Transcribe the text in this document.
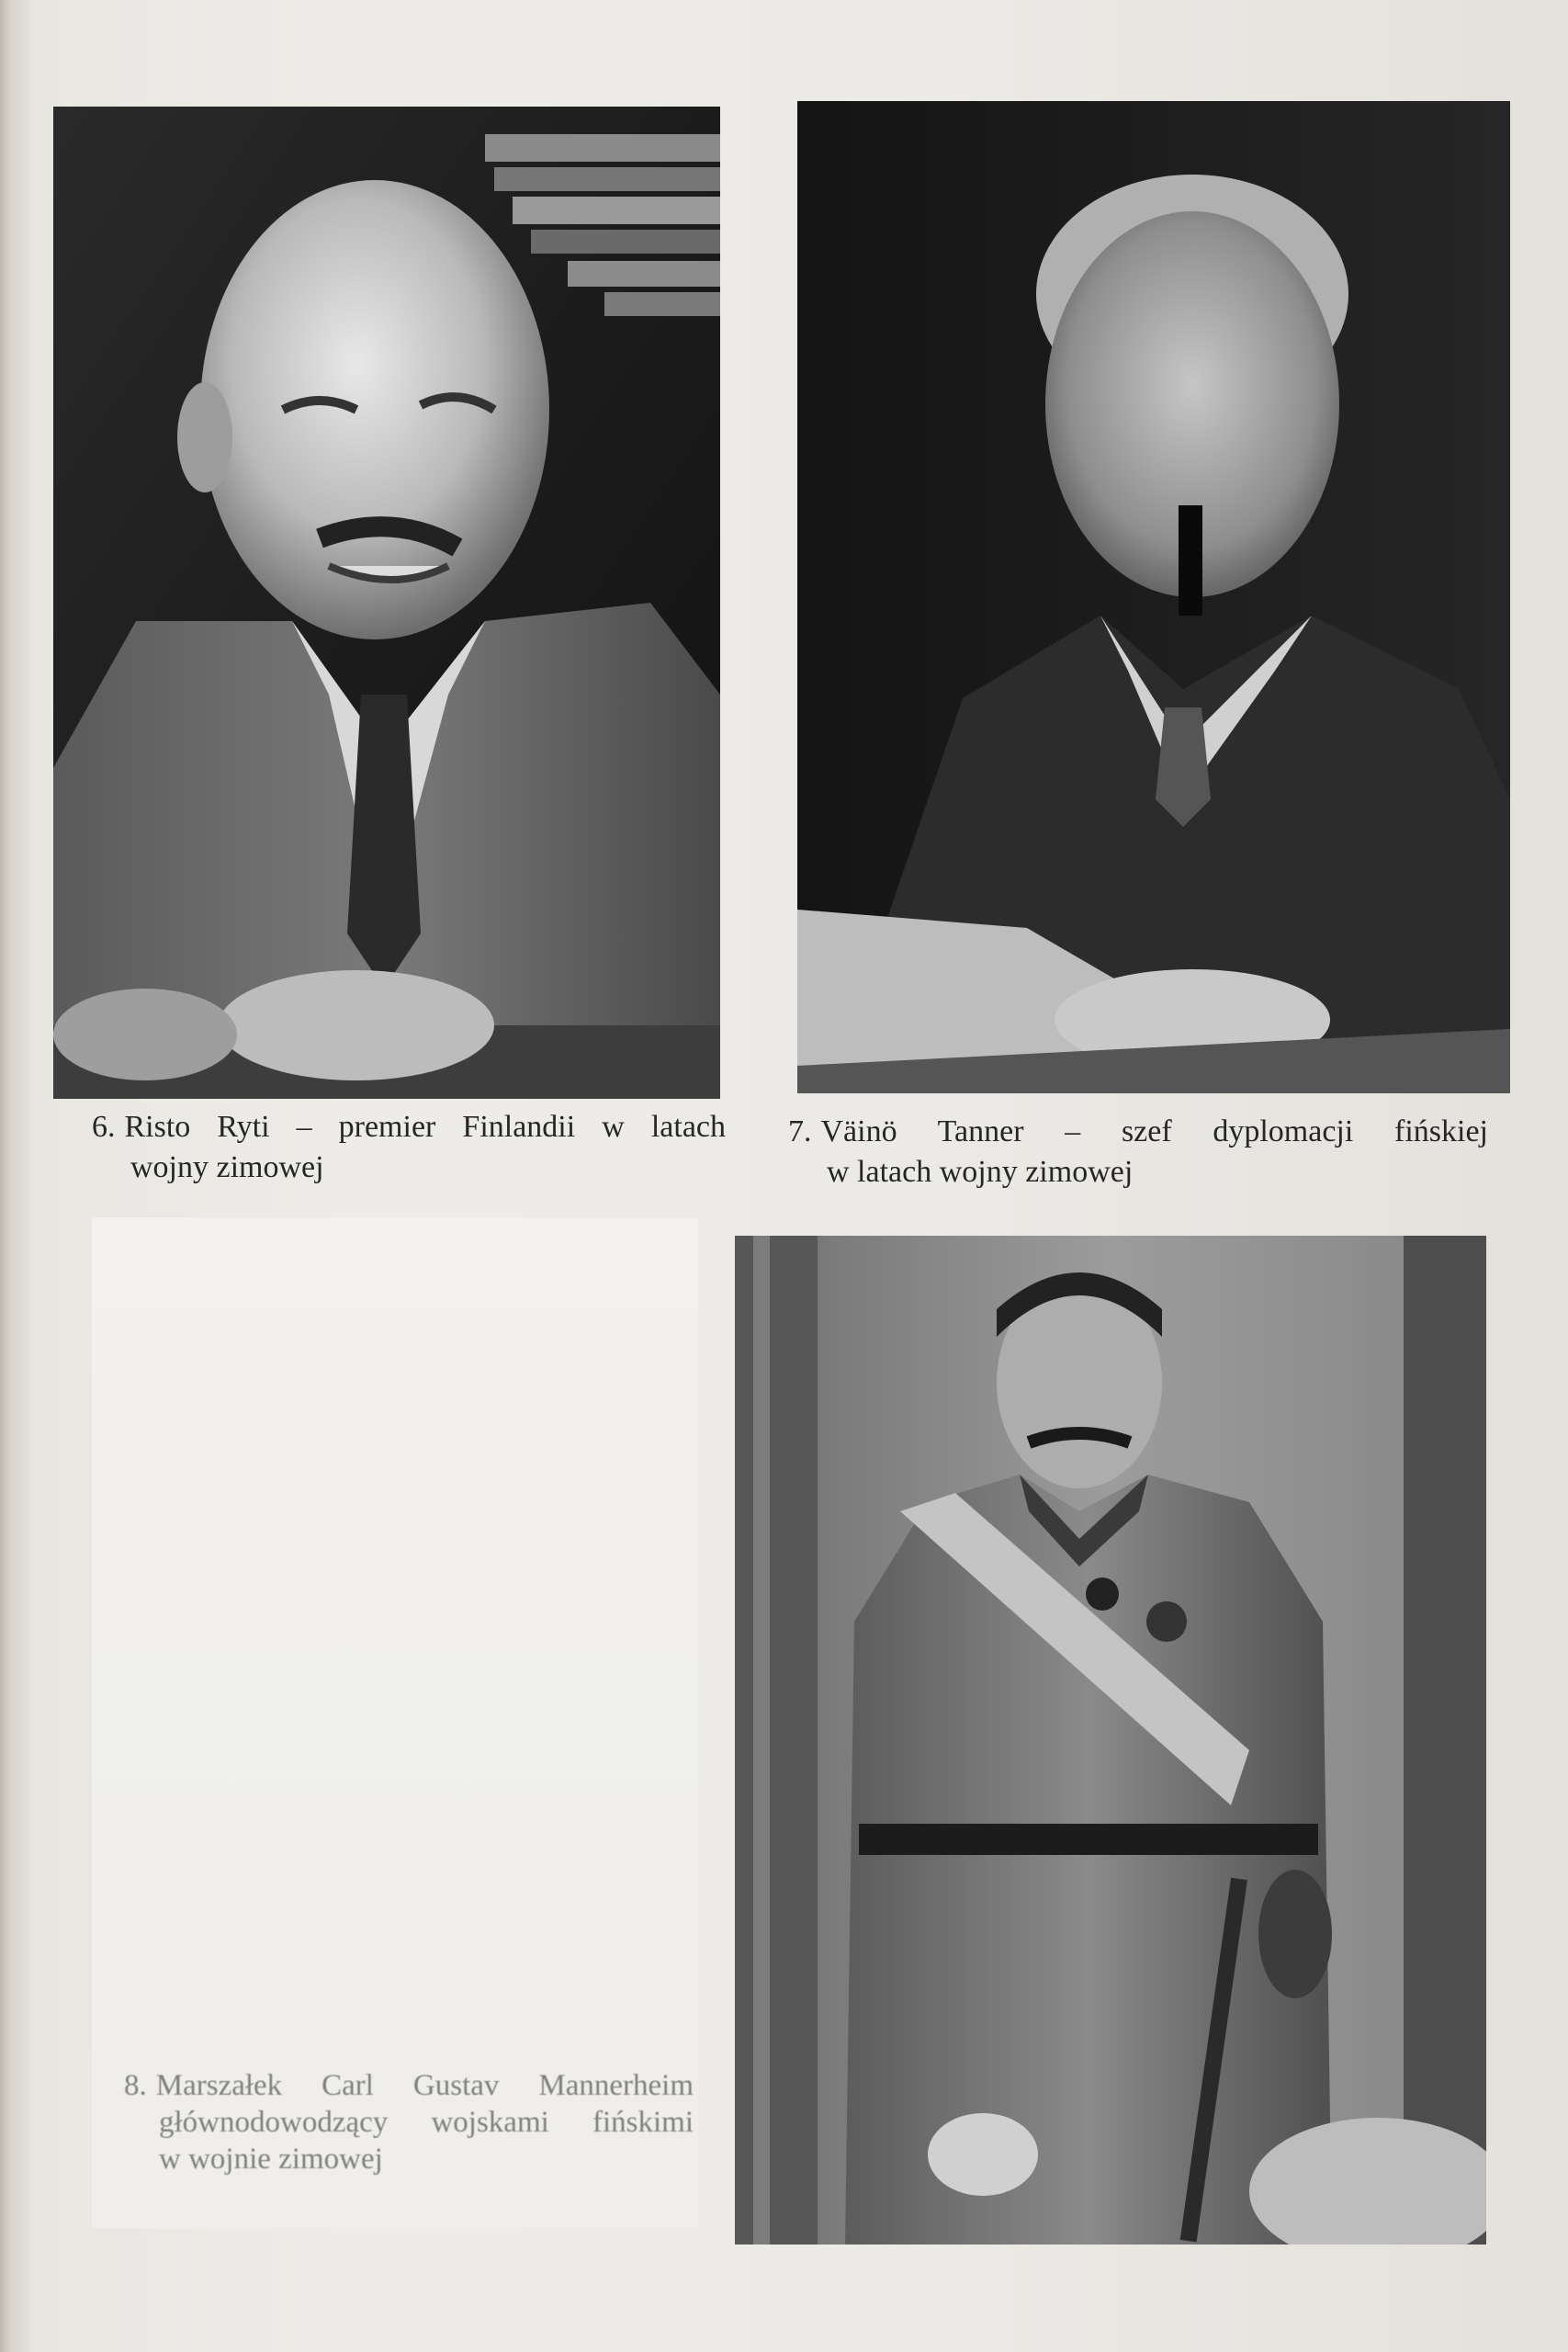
6. Risto Ryti – premier Finlandii w latach
wojny zimowej
7. Väinö Tanner – szef dyplomacji fińskiej
w latach wojny zimowej
8. Marszałek Carl Gustav Mannerheim
głównodowodzący wojskami fińskimi
w wojnie zimowej
